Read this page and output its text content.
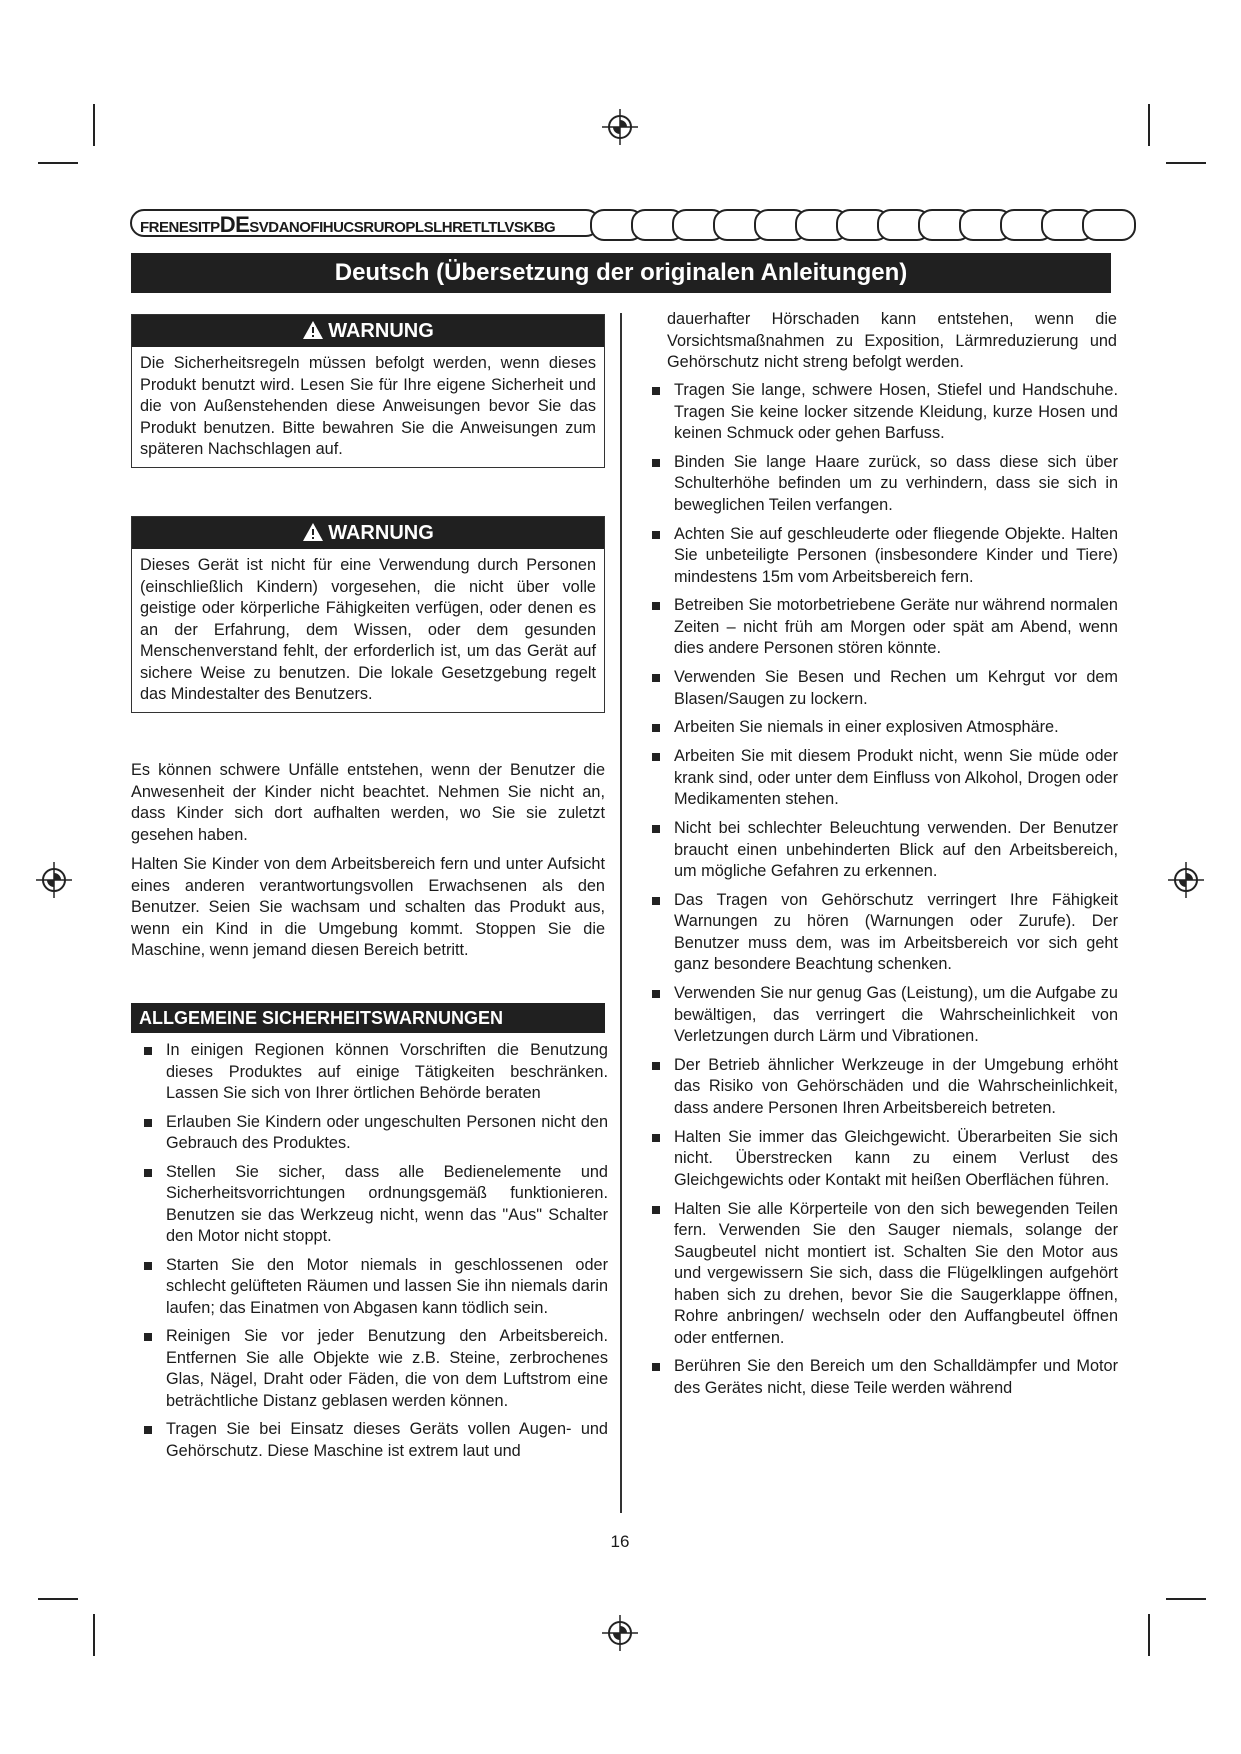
FRENESITPDESVDANOFIHUCSRUROPLSLHRETLTLVSKBG
Deutsch (Übersetzung der originalen Anleitungen)
WARNUNG
Die Sicherheitsregeln müssen befolgt werden, wenn dieses Produkt benutzt wird. Lesen Sie für Ihre eigene Sicherheit und die von Außenstehenden diese Anweisungen bevor Sie das Produkt benutzen. Bitte bewahren Sie die Anweisungen zum späteren Nachschlagen auf.
WARNUNG
Dieses Gerät ist nicht für eine Verwendung durch Personen (einschließlich Kindern) vorgesehen, die nicht über volle geistige oder körperliche Fähigkeiten verfügen, oder denen es an der Erfahrung, dem Wissen, oder dem gesunden Menschenverstand fehlt, der erforderlich ist, um das Gerät auf sichere Weise zu benutzen. Die lokale Gesetzgebung regelt das Mindestalter des Benutzers.

Es können schwere Unfälle entstehen, wenn der Benutzer die Anwesenheit der Kinder nicht beachtet. Nehmen Sie nicht an, dass Kinder sich dort aufhalten werden, wo Sie sie zuletzt gesehen haben.

Halten Sie Kinder von dem Arbeitsbereich fern und unter Aufsicht eines anderen verantwortungsvollen Erwachsenen als den Benutzer. Seien Sie wachsam und schalten das Produkt aus, wenn ein Kind in die Umgebung kommt. Stoppen Sie die Maschine, wenn jemand diesen Bereich betritt.

ALLGEMEINE SICHERHEITSWARNUNGEN
In einigen Regionen können Vorschriften die Benutzung dieses Produktes auf einige Tätigkeiten beschränken. Lassen Sie sich von Ihrer örtlichen Behörde beraten
Erlauben Sie Kindern oder ungeschulten Personen nicht den Gebrauch des Produktes.
Stellen Sie sicher, dass alle Bedienelemente und Sicherheitsvorrichtungen ordnungsgemäß funktionieren. Benutzen sie das Werkzeug nicht, wenn das "Aus" Schalter den Motor nicht stoppt.
Starten Sie den Motor niemals in geschlossenen oder schlecht gelüfteten Räumen und lassen Sie ihn niemals darin laufen; das Einatmen von Abgasen kann tödlich sein.
Reinigen Sie vor jeder Benutzung den Arbeitsbereich. Entfernen Sie alle Objekte wie z.B. Steine, zerbrochenes Glas, Nägel, Draht oder Fäden, die von dem Luftstrom eine beträchtliche Distanz geblasen werden können.
Tragen Sie bei Einsatz dieses Geräts vollen Augen- und Gehörschutz. Diese Maschine ist extrem laut und

dauerhafter Hörschaden kann entstehen, wenn die Vorsichtsmaßnahmen zu Exposition, Lärmreduzierung und Gehörschutz nicht streng befolgt werden.

Tragen Sie lange, schwere Hosen, Stiefel und Handschuhe. Tragen Sie keine locker sitzende Kleidung, kurze Hosen und keinen Schmuck oder gehen Barfuss.
Binden Sie lange Haare zurück, so dass diese sich über Schulterhöhe befinden um zu verhindern, dass sie sich in beweglichen Teilen verfangen.
Achten Sie auf geschleuderte oder fliegende Objekte. Halten Sie unbeteiligte Personen (insbesondere Kinder und Tiere) mindestens 15m vom Arbeitsbereich fern.
Betreiben Sie motorbetriebene Geräte nur während normalen Zeiten – nicht früh am Morgen oder spät am Abend, wenn dies andere Personen stören könnte.
Verwenden Sie Besen und Rechen um Kehrgut vor dem Blasen/Saugen zu lockern.
Arbeiten Sie niemals in einer explosiven Atmosphäre.
Arbeiten Sie mit diesem Produkt nicht, wenn Sie müde oder krank sind, oder unter dem Einfluss von Alkohol, Drogen oder Medikamenten stehen.
Nicht bei schlechter Beleuchtung verwenden. Der Benutzer braucht einen unbehinderten Blick auf den Arbeitsbereich, um mögliche Gefahren zu erkennen.
Das Tragen von Gehörschutz verringert Ihre Fähigkeit Warnungen zu hören (Warnungen oder Zurufe). Der Benutzer muss dem, was im Arbeitsbereich vor sich geht ganz besondere Beachtung schenken.
Verwenden Sie nur genug Gas (Leistung), um die Aufgabe zu bewältigen, das verringert die Wahrscheinlichkeit von Verletzungen durch Lärm und Vibrationen.
Der Betrieb ähnlicher Werkzeuge in der Umgebung erhöht das Risiko von Gehörschäden und die Wahrscheinlichkeit, dass andere Personen Ihren Arbeitsbereich betreten.
Halten Sie immer das Gleichgewicht. Überarbeiten Sie sich nicht. Überstrecken kann zu einem Verlust des Gleichgewichts oder Kontakt mit heißen Oberflächen führen.
Halten Sie alle Körperteile von den sich bewegenden Teilen fern. Verwenden Sie den Sauger niemals, solange der Saugbeutel nicht montiert ist. Schalten Sie den Motor aus und vergewissern Sie sich, dass die Flügelklingen aufgehört haben sich zu drehen, bevor Sie die Saugerklappe öffnen, Rohre anbringen/ wechseln oder den Auffangbeutel öffnen oder entfernen.
Berühren Sie den Bereich um den Schalldämpfer und Motor des Gerätes nicht, diese Teile werden während
16
